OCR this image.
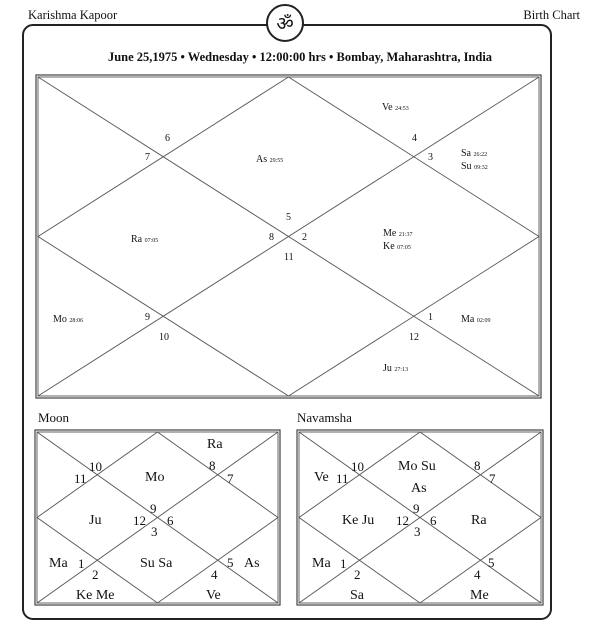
Karishma Kapoor	Birth Chart
ॐ
June 25,1975 • Wednesday • 12:00:00 hrs • Bombay, Maharashtra, India
Moon	Navamsha
6
7
4
3
5
8	2
11
9
10
1
12
Ve 24:53
Sa 26:22
Su 09:32
As 29:55
Ra 07:05
Me 21:37
Ke 07:05
Mo 28:06	Ma 02:09
Ju 27:13
Ra
Mo
Ju
Su Sa
Ma
Ke Me	Ve
As
10
11
8
7
9
12 6
3
1
2	4
5
Ve
Mo Su
As
Ke Ju	Ra
Ma
Sa	Me
10
11
8
7
9
12 6
3
1
2	4
5
